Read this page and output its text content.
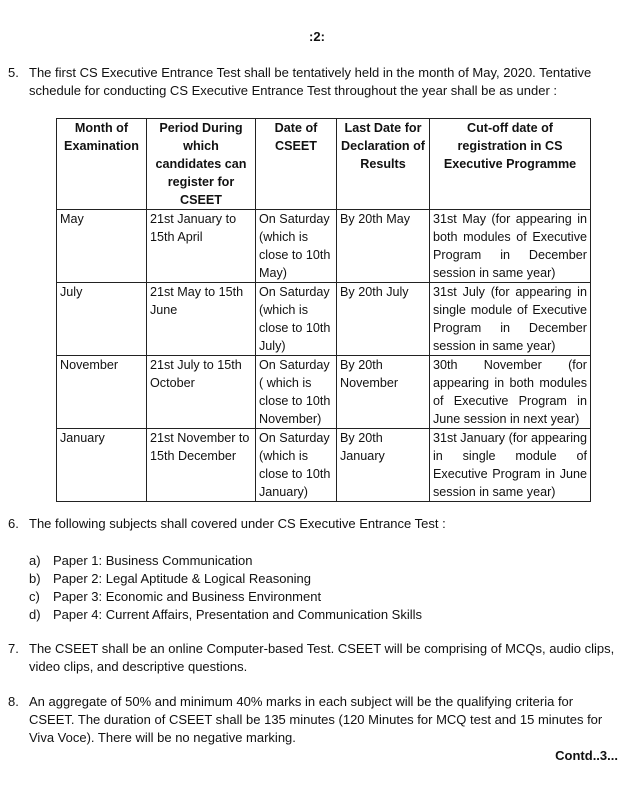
:2:
5. The first CS Executive Entrance Test shall be tentatively held in the month of May, 2020. Tentative schedule for conducting CS Executive Entrance Test throughout the year shall be as under :
Month of Examination	Period During which candidates can register for CSEET	Date of CSEET	Last Date for Declaration of Results	Cut-off date of registration in CS Executive Programme
May	21st January to 15th April	On Saturday (which is close to 10th May)	By 20th May	31st May (for appearing in both modules of Executive Program in December session in same year)
July	21st May to 15th June	On Saturday (which is close to 10th July)	By 20th July	31st July (for appearing in single module of Executive Program in December session in same year)
November	21st July to 15th October	On Saturday ( which is close to 10th November)	By 20th November	30th November (for appearing in both modules of Executive Program in June session in next year)
January	21st November to 15th December	On Saturday (which is close to 10th January)	By 20th January	31st January (for appearing in single module of Executive Program in June session in same year)
6. The following subjects shall covered under CS Executive Entrance Test :
a) Paper 1: Business Communication
b) Paper 2: Legal Aptitude & Logical Reasoning
c) Paper 3: Economic and Business Environment
d) Paper 4: Current Affairs, Presentation and Communication Skills
7. The CSEET shall be an online Computer-based Test. CSEET will be comprising of MCQs, audio clips, video clips, and descriptive questions.
8. An aggregate of 50% and minimum 40% marks in each subject will be the qualifying criteria for CSEET. The duration of CSEET shall be 135 minutes (120 Minutes for MCQ test and 15 minutes for Viva Voce). There will be no negative marking.
Contd..3...
